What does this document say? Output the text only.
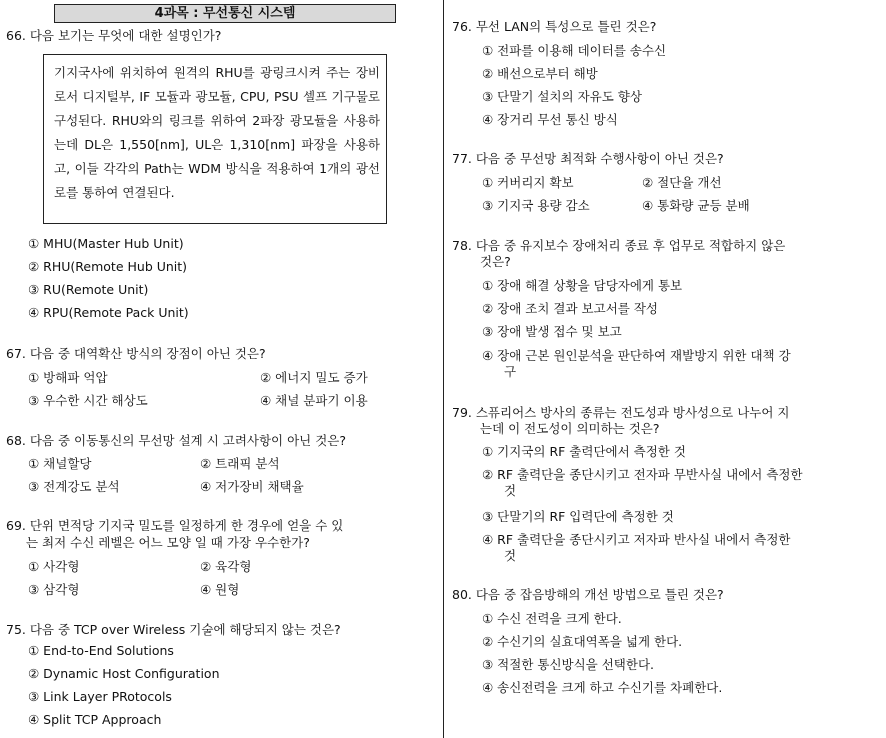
4과목 : 무선통신 시스템
66. 다음 보기는 무엇에 대한 설명인가?
기지국사에 위치하여 원격의 RHU를 광링크시켜 주는 장비로서 디지털부, IF 모듈과 광모듈, CPU, PSU 셀프 기구물로 구성된다. RHU와의 링크를 위하여 2파장 광모듈을 사용하는데 DL은 1,550[nm], UL은 1,310[nm] 파장을 사용하고, 이들 각각의 Path는 WDM 방식을 적용하여 1개의 광선로를 통하여 연결된다.
① MHU(Master Hub Unit)
② RHU(Remote Hub Unit)
③ RU(Remote Unit)
④ RPU(Remote Pack Unit)
67. 다음 중 대역확산 방식의 장점이 아닌 것은?
① 방해파 억압	② 에너지 밀도 증가
③ 우수한 시간 해상도	④ 채널 분파기 이용
68. 다음 중 이동통신의 무선망 설계 시 고려사항이 아닌 것은?
① 채널할당	② 트래픽 분석
③ 전계강도 분석	④ 저가장비 채택율
69. 단위 면적당 기지국 밀도를 일정하게 한 경우에 얻을 수 있
는 최저 수신 레벨은 어느 모양 일 때 가장 우수한가?
① 사각형	② 육각형
③ 삼각형	④ 원형
75. 다음 중 TCP over Wireless 기술에 해당되지 않는 것은?
① End-to-End Solutions
② Dynamic Host Configuration
③ Link Layer PRotocols
④ Split TCP Approach
76. 무선 LAN의 특성으로 틀린 것은?
① 전파를 이용해 데이터를 송수신
② 배선으로부터 해방
③ 단말기 설치의 자유도 향상
④ 장거리 무선 통신 방식
77. 다음 중 무선망 최적화 수행사항이 아닌 것은?
① 커버리지 확보	② 절단율 개선
③ 기지국 용량 감소	④ 통화량 균등 분배
78. 다음 중 유지보수 장애처리 종료 후 업무로 적합하지 않은
것은?
① 장애 해결 상황을 담당자에게 통보
② 장애 조치 결과 보고서를 작성
③ 장애 발생 접수 및 보고
④ 장애 근본 원인분석을 판단하여 재발방지 위한 대책 강
구
79. 스퓨리어스 방사의 종류는 전도성과 방사성으로 나누어 지
는데 이 전도성이 의미하는 것은?
① 기지국의 RF 출력단에서 측정한 것
② RF 출력단을 종단시키고 전자파 무반사실 내에서 측정한
것
③ 단말기의 RF 입력단에 측정한 것
④ RF 출력단을 종단시키고 저자파 반사실 내에서 측정한
것
80. 다음 중 잡음방해의 개선 방법으로 틀린 것은?
① 수신 전력을 크게 한다.
② 수신기의 실효대역폭을 넓게 한다.
③ 적절한 통신방식을 선택한다.
④ 송신전력을 크게 하고 수신기를 차폐한다.
